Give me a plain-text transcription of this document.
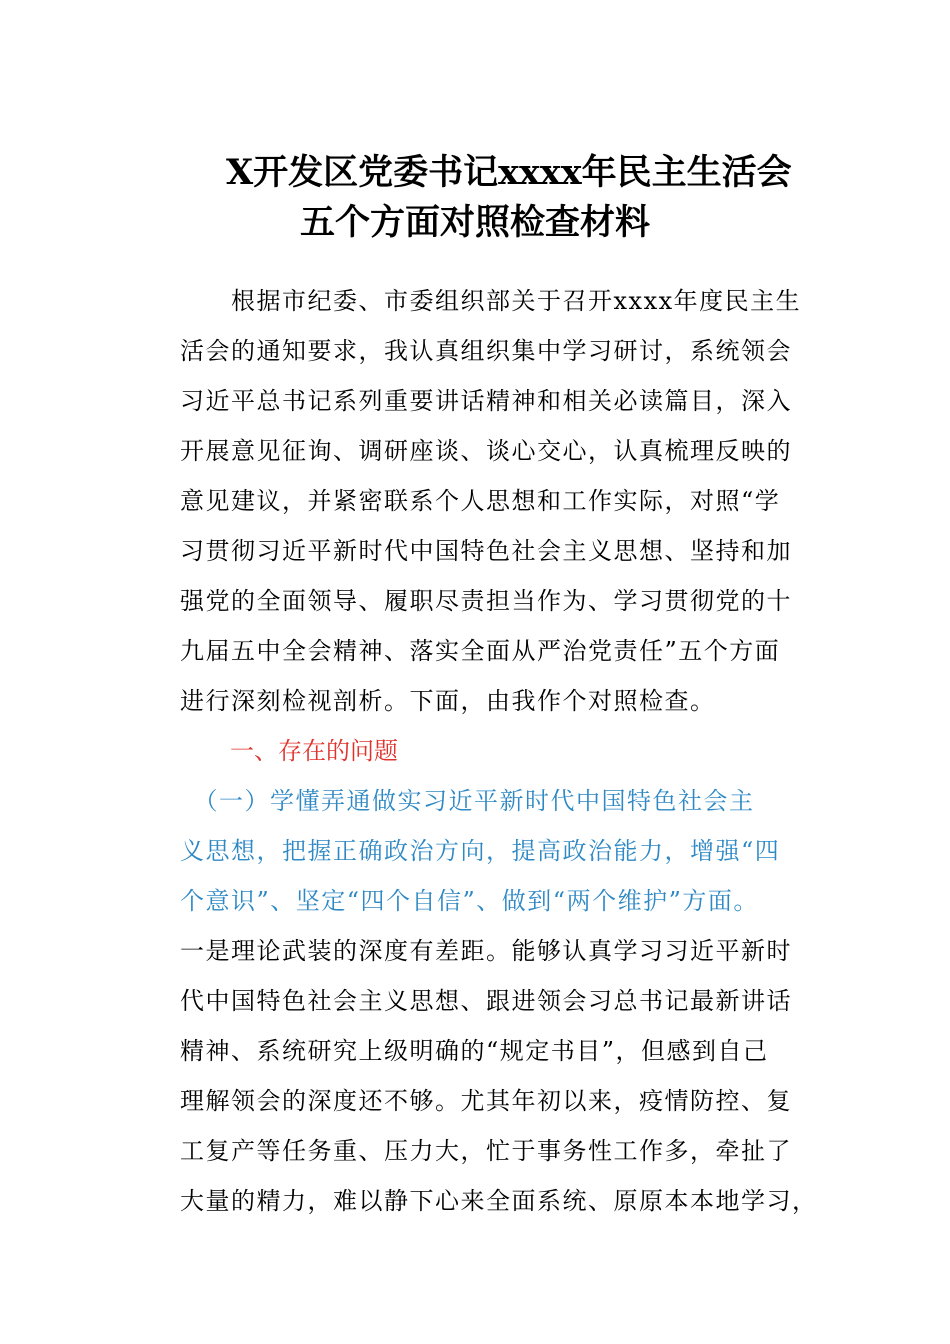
X开发区党委书记xxxx年民主生活会
五个方面对照检查材料
　　根据市纪委、市委组织部关于召开xxxx年度民主生
活会的通知要求，我认真组织集中学习研讨，系统领会
习近平总书记系列重要讲话精神和相关必读篇目，深入
开展意见征询、调研座谈、谈心交心，认真梳理反映的
意见建议，并紧密联系个人思想和工作实际，对照“学
习贯彻习近平新时代中国特色社会主义思想、坚持和加
强党的全面领导、履职尽责担当作为、学习贯彻党的十
九届五中全会精神、落实全面从严治党责任”五个方面
进行深刻检视剖析。下面，由我作个对照检查。
一、存在的问题
　（一）学懂弄通做实习近平新时代中国特色社会主
义思想，把握正确政治方向，提高政治能力，增强“四
个意识”、坚定“四个自信”、做到“两个维护”方面。
一是理论武装的深度有差距。能够认真学习习近平新时
代中国特色社会主义思想、跟进领会习总书记最新讲话
精神、系统研究上级明确的“规定书目”，但感到自己
理解领会的深度还不够。尤其年初以来，疫情防控、复
工复产等任务重、压力大，忙于事务性工作多，牵扯了
大量的精力，难以静下心来全面系统、原原本本地学习，
